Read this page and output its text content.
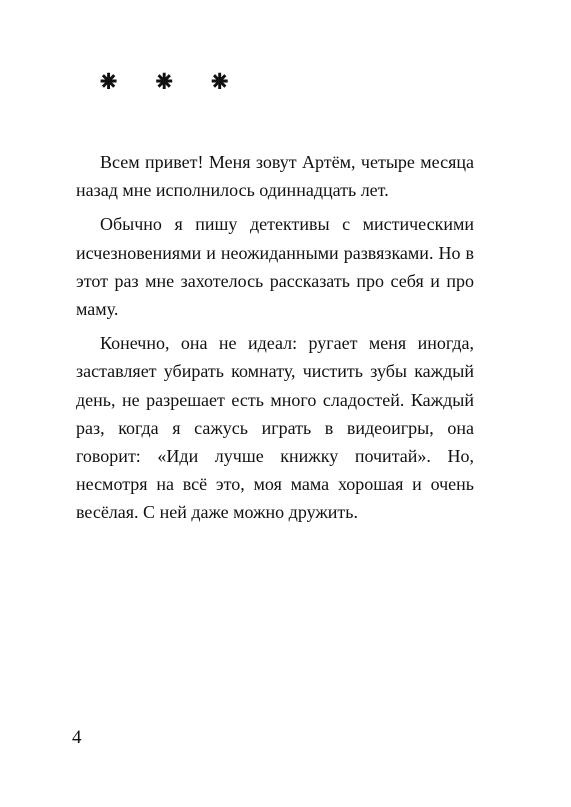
⁕ ⁕ ⁕

Всем привет! Меня зовут Артём, четыре месяца назад мне исполнилось одиннадцать лет.

Обычно я пишу детективы с мистическими исчезновениями и неожиданными развязками. Но в этот раз мне захотелось рассказать про себя и про маму.

Конечно, она не идеал: ругает меня иногда, заставляет убирать комнату, чистить зубы каждый день, не разрешает есть много сладостей. Каждый раз, когда я сажусь играть в видеоигры, она говорит: «Иди лучше книжку почитай». Но, несмотря на всё это, моя мама хорошая и очень весёлая. С ней даже можно дружить.

4
